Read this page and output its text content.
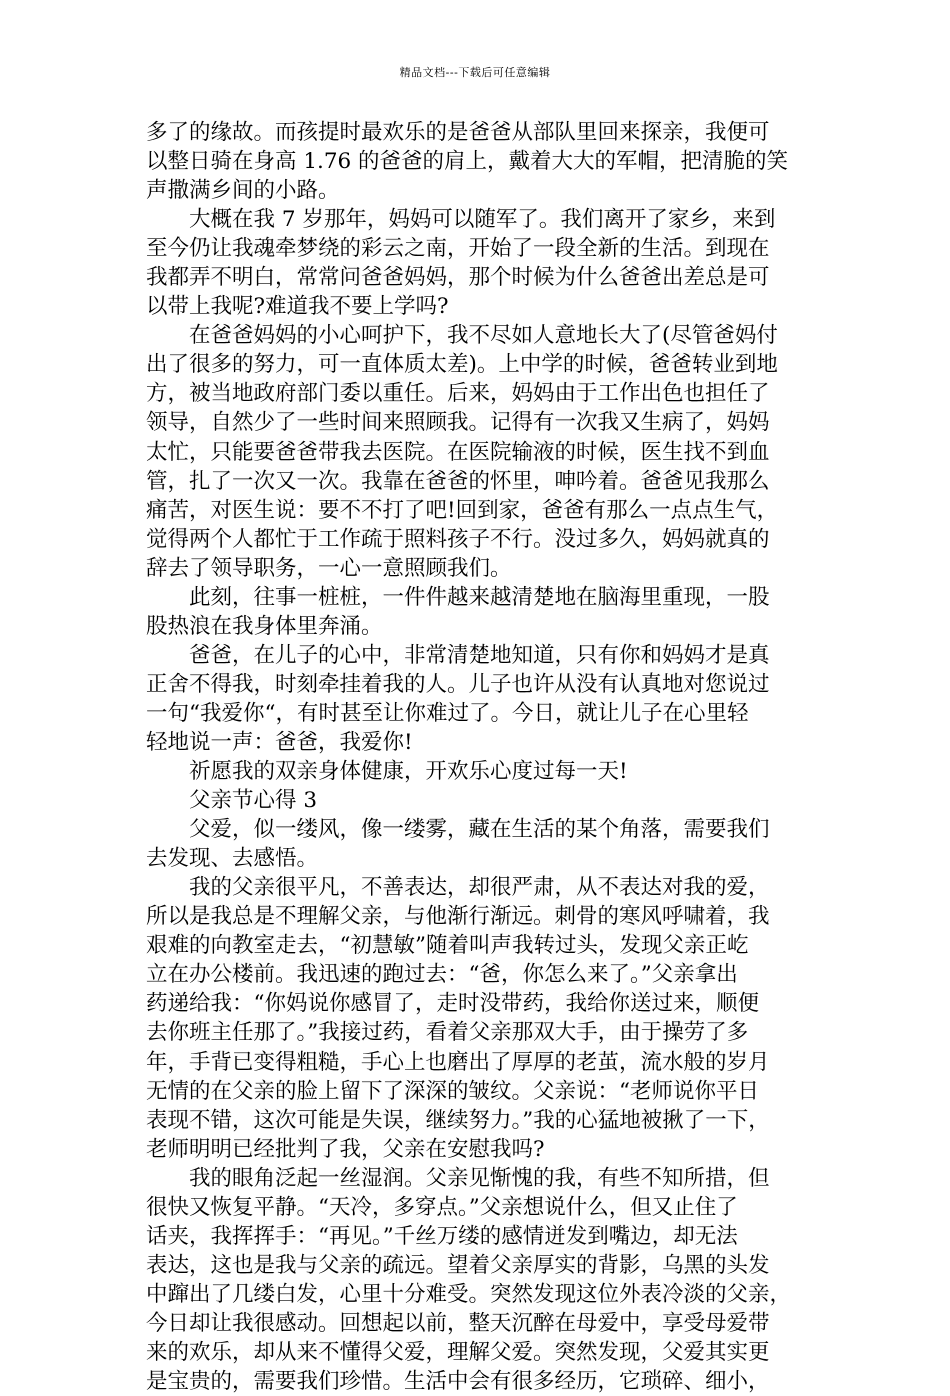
精品文档---下载后可任意编辑
多了的缘故。而孩提时最欢乐的是爸爸从部队里回来探亲，我便可
以整日骑在身高 1.76 的爸爸的肩上，戴着大大的军帽，把清脆的笑
声撒满乡间的小路。
大概在我 7 岁那年，妈妈可以随军了。我们离开了家乡，来到
至今仍让我魂牵梦绕的彩云之南，开始了一段全新的生活。到现在
我都弄不明白，常常问爸爸妈妈，那个时候为什么爸爸出差总是可
以带上我呢?难道我不要上学吗?
在爸爸妈妈的小心呵护下，我不尽如人意地长大了(尽管爸妈付
出了很多的努力，可一直体质太差)。上中学的时候，爸爸转业到地
方，被当地政府部门委以重任。后来，妈妈由于工作出色也担任了
领导，自然少了一些时间来照顾我。记得有一次我又生病了，妈妈
太忙，只能要爸爸带我去医院。在医院输液的时候，医生找不到血
管，扎了一次又一次。我靠在爸爸的怀里，呻吟着。爸爸见我那么
痛苦，对医生说：要不不打了吧!回到家，爸爸有那么一点点生气，
觉得两个人都忙于工作疏于照料孩子不行。没过多久，妈妈就真的
辞去了领导职务，一心一意照顾我们。
此刻，往事一桩桩，一件件越来越清楚地在脑海里重现，一股
股热浪在我身体里奔涌。
爸爸，在儿子的心中，非常清楚地知道，只有你和妈妈才是真
正舍不得我，时刻牵挂着我的人。儿子也许从没有认真地对您说过
一句“我爱你“，有时甚至让你难过了。今日，就让儿子在心里轻
轻地说一声：爸爸，我爱你!
祈愿我的双亲身体健康，开欢乐心度过每一天!
父亲节心得 3
父爱，似一缕风，像一缕雾，藏在生活的某个角落，需要我们
去发现、去感悟。
我的父亲很平凡，不善表达，却很严肃，从不表达对我的爱，
所以是我总是不理解父亲，与他渐行渐远。刺骨的寒风呼啸着，我
艰难的向教室走去，“初慧敏”随着叫声我转过头，发现父亲正屹
立在办公楼前。我迅速的跑过去：“爸，你怎么来了。”父亲拿出
药递给我：“你妈说你感冒了，走时没带药，我给你送过来，顺便
去你班主任那了。”我接过药，看着父亲那双大手，由于操劳了多
年，手背已变得粗糙，手心上也磨出了厚厚的老茧，流水般的岁月
无情的在父亲的脸上留下了深深的皱纹。父亲说：“老师说你平日
表现不错，这次可能是失误，继续努力。”我的心猛地被揪了一下，
老师明明已经批判了我，父亲在安慰我吗?
我的眼角泛起一丝湿润。父亲见惭愧的我，有些不知所措，但
很快又恢复平静。“天冷，多穿点。”父亲想说什么，但又止住了
话夹，我挥挥手：“再见。”千丝万缕的感情迸发到嘴边，却无法
表达，这也是我与父亲的疏远。望着父亲厚实的背影，乌黑的头发
中蹿出了几缕白发，心里十分难受。突然发现这位外表冷淡的父亲，
今日却让我很感动。回想起以前，整天沉醉在母爱中，享受母爱带
来的欢乐，却从来不懂得父爱，理解父爱。突然发现，父爱其实更
是宝贵的，需要我们珍惜。生活中会有很多经历，它琐碎、细小，
